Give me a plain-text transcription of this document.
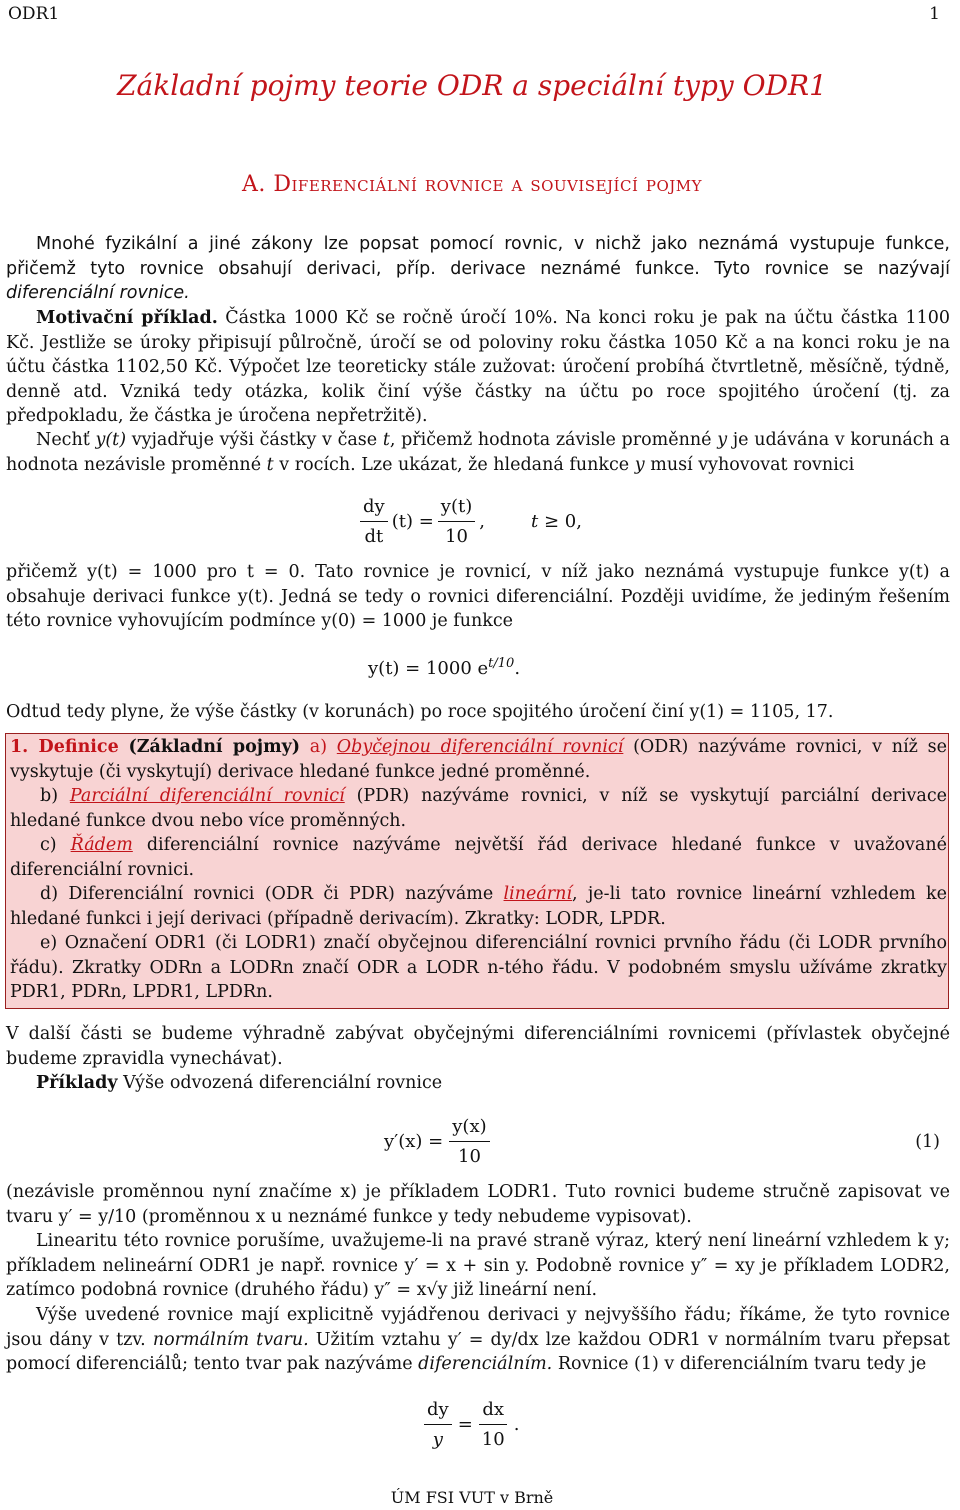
ODR1	1
Základní pojmy teorie ODR a speciální typy ODR1
A. Diferenciální rovnice a související pojmy

Mnohé fyzikální a jiné zákony lze popsat pomocí rovnic, v nichž jako neznámá vystupuje funkce, přičemž tyto rovnice obsahují derivaci, příp. derivace neznámé funkce. Tyto rovnice se nazývají diferenciální rovnice.

Motivační příklad. Částka 1000 Kč se ročně úročí 10%. Na konci roku je pak na účtu částka 1100 Kč. Jestliže se úroky připisují půlročně, úročí se od poloviny roku částka 1050 Kč a na konci roku je na účtu částka 1102,50 Kč. Výpočet lze teoreticky stále zužovat: úročení probíhá čtvrtletně, měsíčně, týdně, denně atd. Vzniká tedy otázka, kolik činí výše částky na účtu po roce spojitého úročení (tj. za předpokladu, že částka je úročena nepřetržitě).

Nechť y(t) vyjadřuje výši částky v čase t, přičemž hodnota závisle proměnné y je udávána v korunách a hodnota nezávisle proměnné t v rocích. Lze ukázat, že hledaná funkce y musí vyhovovat rovnici

$\frac{dy}{dt} (t) = \frac{y(t)}{10}$ ,	t ≥ 0,

přičemž y(t) = 1000 pro t = 0. Tato rovnice je rovnicí, v níž jako neznámá vystupuje funkce y(t) a obsahuje derivaci funkce y(t). Jedná se tedy o rovnici diferenciální. Později uvidíme, že jediným řešením této rovnice vyhovujícím podmínce y(0) = 1000 je funkce

y(t) = 1000 $e^{t/10}$.

Odtud tedy plyne, že výše částky (v korunách) po roce spojitého úročení činí y(1) = 1105, 17.

1. Definice (Základní pojmy) a) Obyčejnou diferenciální rovnicí (ODR) nazýváme rovnici, v níž se vyskytuje (či vyskytují) derivace hledané funkce jedné proměnné.

b) Parciální diferenciální rovnicí (PDR) nazýváme rovnici, v níž se vyskytují parciální derivace hledané funkce dvou nebo více proměnných.

c) Řádem diferenciální rovnice nazýváme největší řád derivace hledané funkce v uvažované diferenciální rovnici.

d) Diferenciální rovnici (ODR či PDR) nazýváme lineární, je-li tato rovnice lineární vzhledem ke hledané funkci i její derivaci (případně derivacím). Zkratky: LODR, LPDR.

e) Označení ODR1 (či LODR1) značí obyčejnou diferenciální rovnici prvního řádu (či LODR prvního řádu). Zkratky ODRn a LODRn značí ODR a LODR n-tého řádu. V podobném smyslu užíváme zkratky PDR1, PDRn, LPDR1, LPDRn.

V další části se budeme výhradně zabývat obyčejnými diferenciálními rovnicemi (přívlastek obyčejné budeme zpravidla vynechávat).

Příklady Výše odvozená diferenciální rovnice

$y'(x) = \frac{y(x)}{10}$	(1)

(nezávisle proměnnou nyní značíme x) je příkladem LODR1. Tuto rovnici budeme stručně zapisovat ve tvaru y′ = y/10 (proměnnou x u neznámé funkce y tedy nebudeme vypisovat).

Linearitu této rovnice porušíme, uvažujeme-li na pravé straně výraz, který není lineární vzhledem k y; příkladem nelineární ODR1 je např. rovnice y′ = x + sin y. Podobně rovnice y″ = xy je příkladem LODR2, zatímco podobná rovnice (druhého řádu) y″ = x√y již lineární není.

Výše uvedené rovnice mají explicitně vyjádřenou derivaci y nejvyššího řádu; říkáme, že tyto rovnice jsou dány v tzv. normálním tvaru. Užitím vztahu y′ = dy/dx lze každou ODR1 v normálním tvaru přepsat pomocí diferenciálů; tento tvar pak nazýváme diferenciálním. Rovnice (1) v diferenciálním tvaru tedy je

$\frac{dy}{y} = \frac{dx}{10}$ .
ÚM FSI VUT v Brně
